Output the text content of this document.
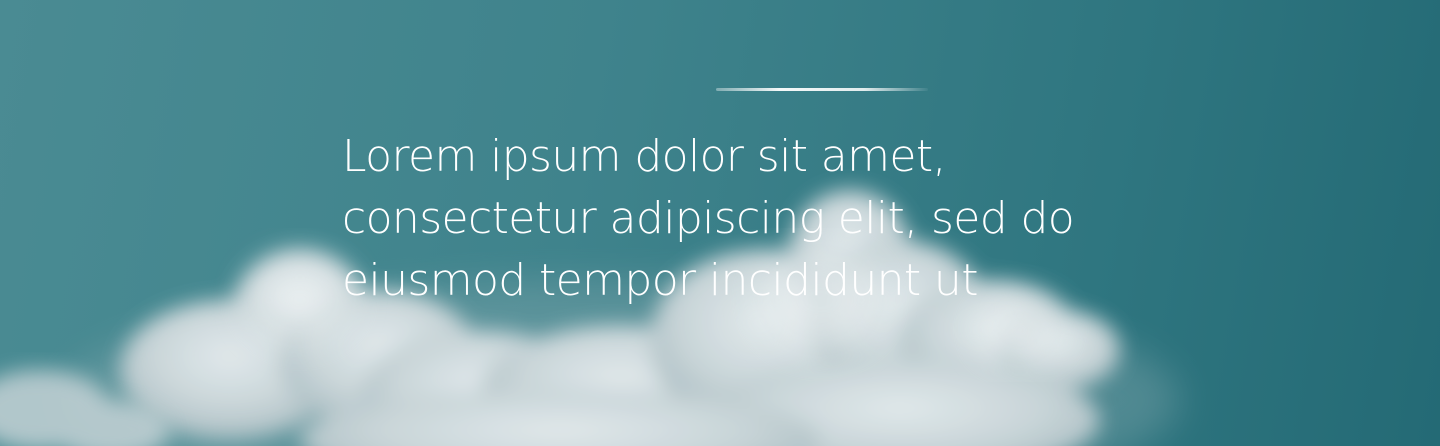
Lorem ipsum dolor sit amet,
consectetur adipiscing elit, sed do
eiusmod tempor incididunt ut
